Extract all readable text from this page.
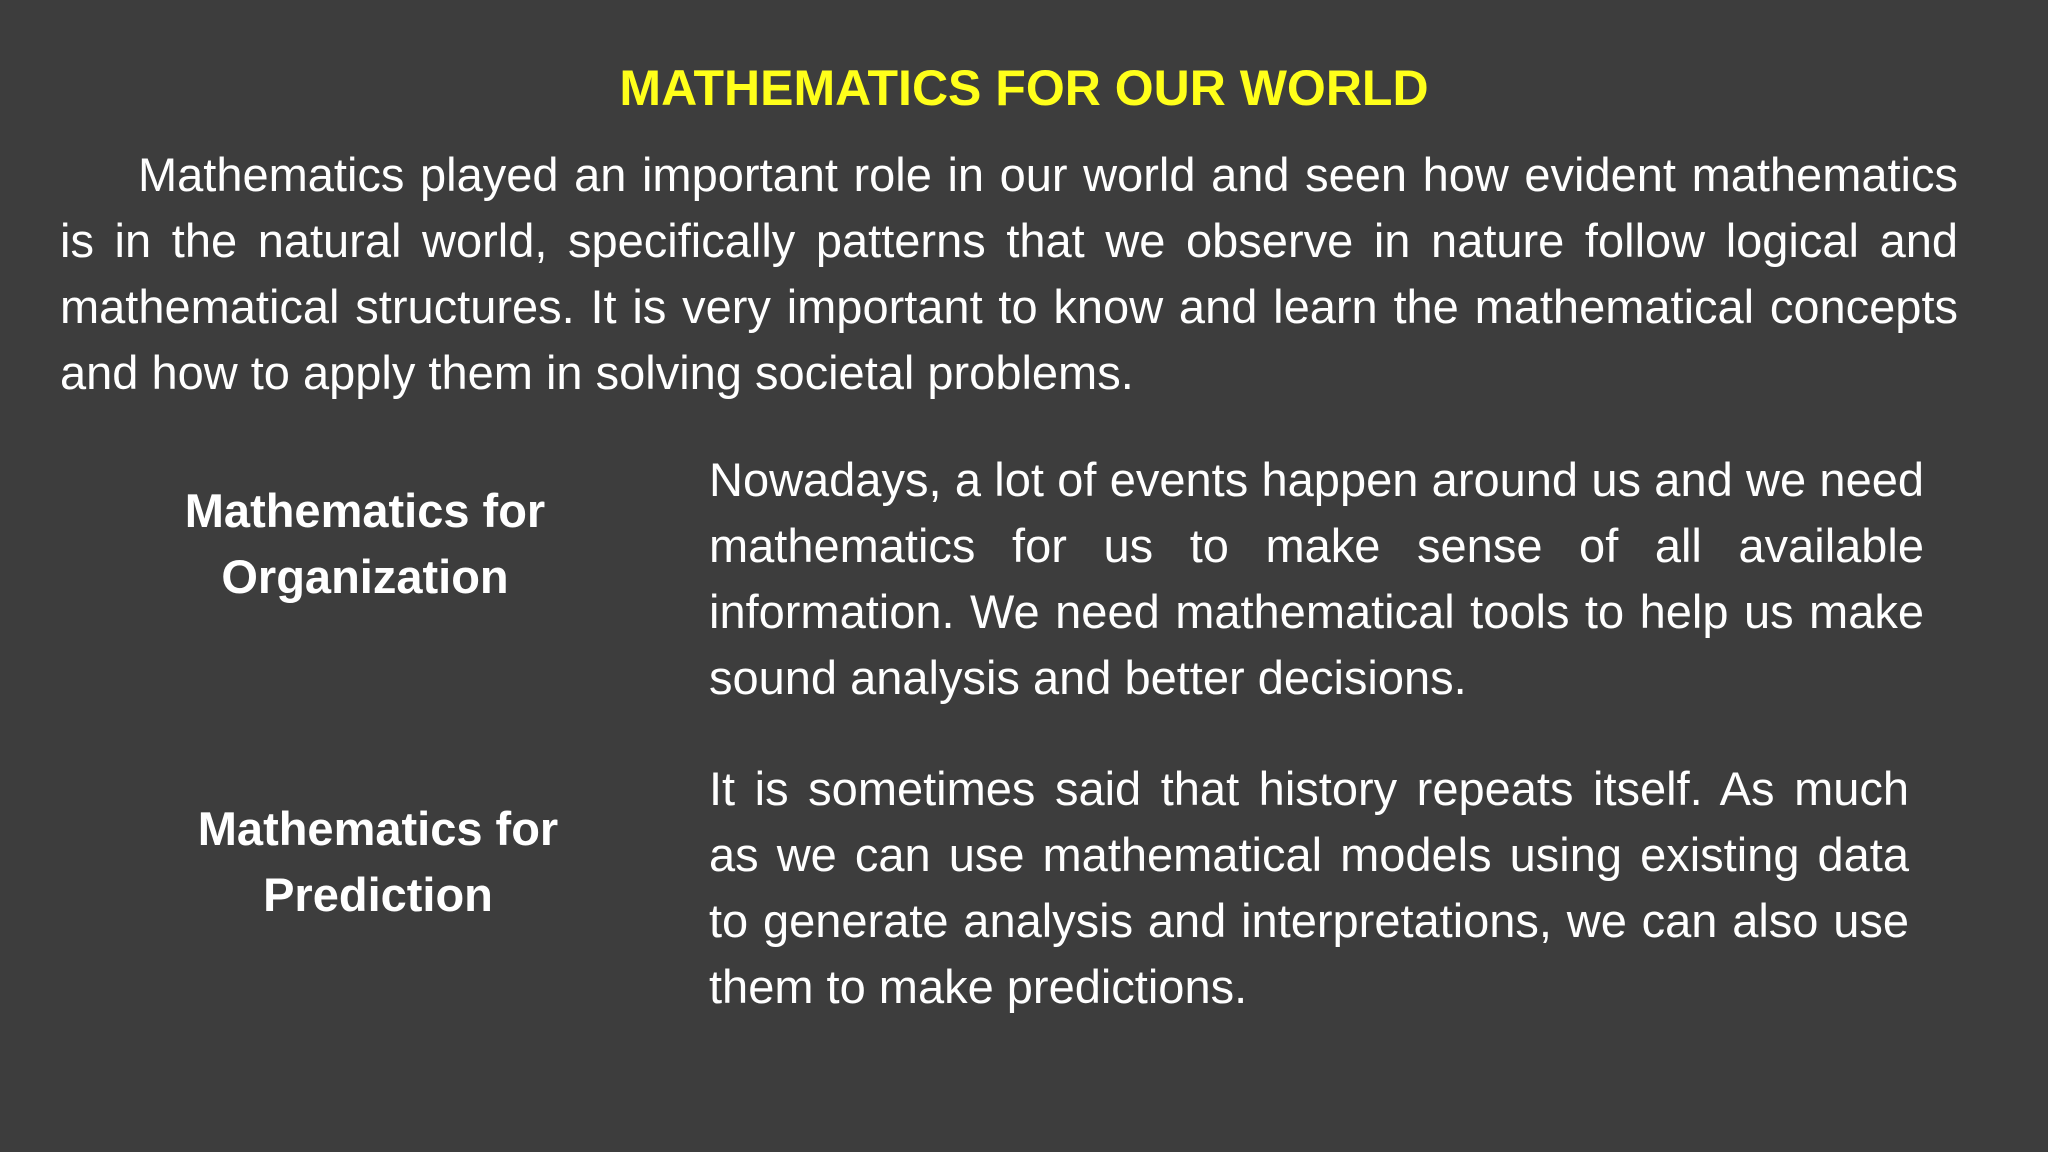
MATHEMATICS FOR OUR WORLD

Mathematics played an important role in our world and seen how evident mathematics is in the natural world, specifically patterns that we observe in nature follow logical and mathematical structures. It is very important to know and learn the mathematical concepts and how to apply them in solving societal problems.

Mathematics for
Organization

Nowadays, a lot of events happen around us and we need mathematics for us to make sense of all available information. We need mathematical tools to help us make sound analysis and better decisions.

Mathematics for
Prediction

It is sometimes said that history repeats itself. As much as we can use mathematical models using existing data to generate analysis and interpretations, we can also use them to make predictions.
